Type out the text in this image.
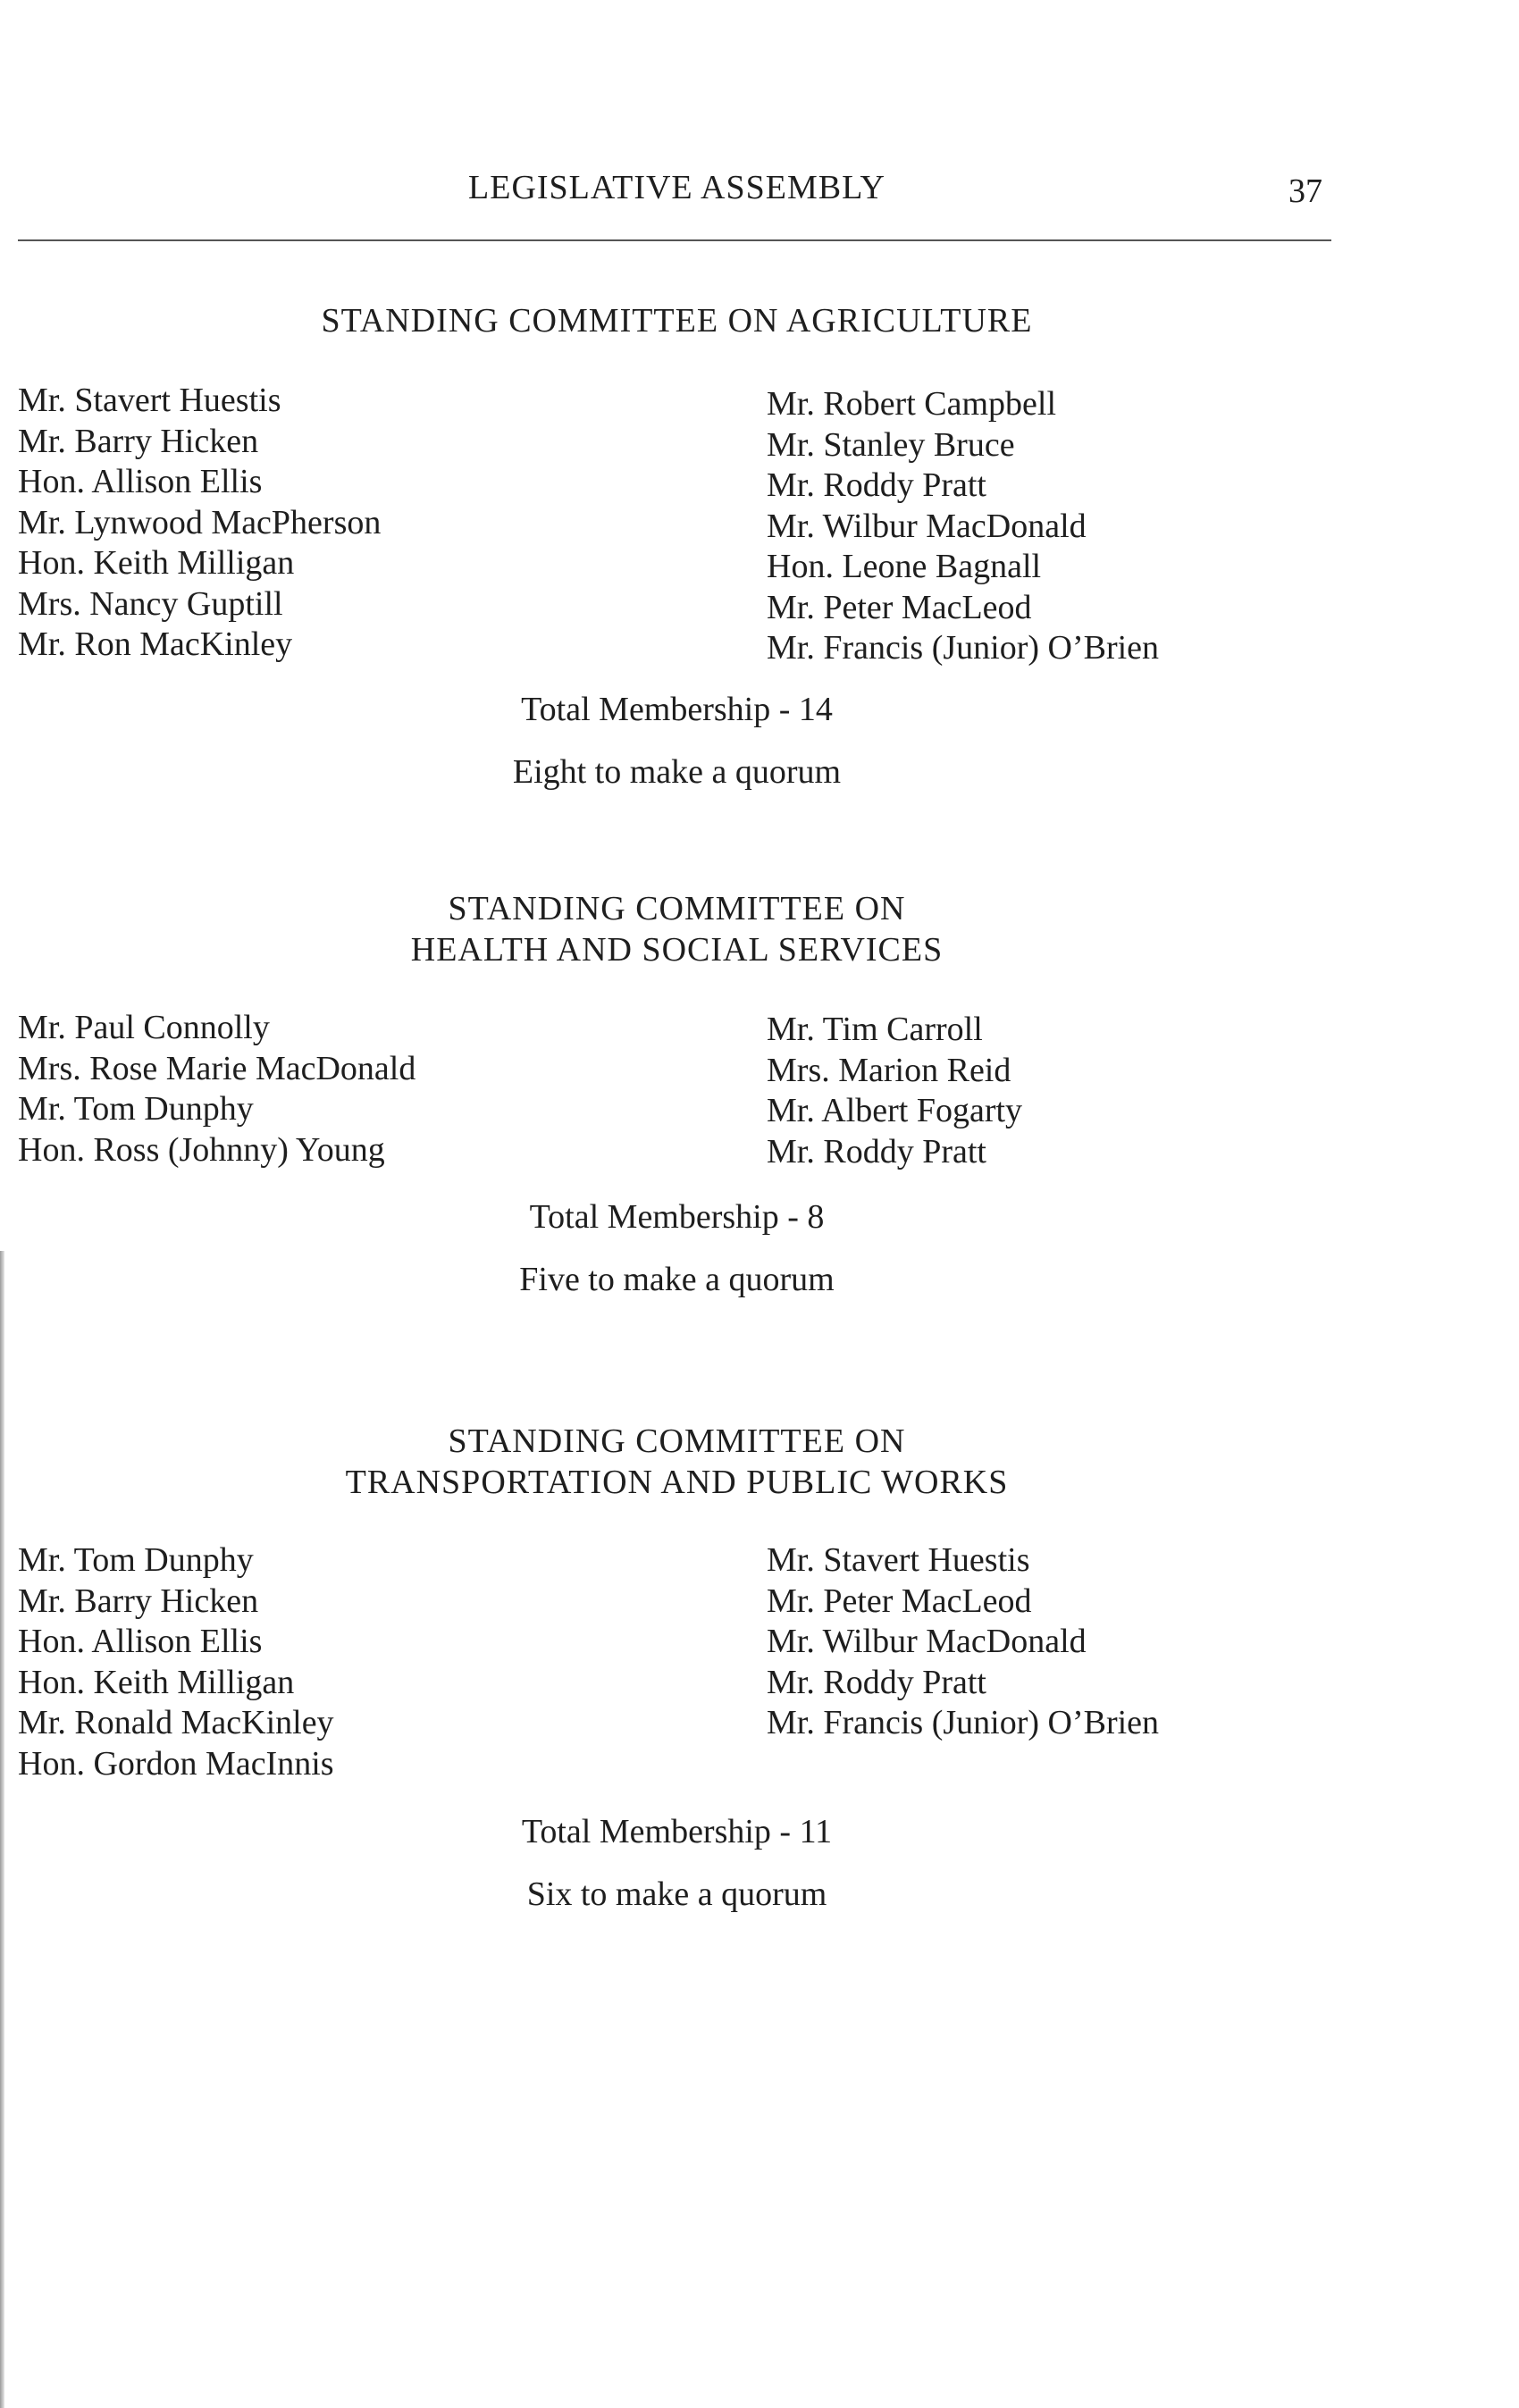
LEGISLATIVE ASSEMBLY	37
STANDING COMMITTEE ON AGRICULTURE
Mr. Stavert Huestis
Mr. Barry Hicken
Hon. Allison Ellis
Mr. Lynwood MacPherson
Hon. Keith Milligan
Mrs. Nancy Guptill
Mr. Ron MacKinley
Mr. Robert Campbell
Mr. Stanley Bruce
Mr. Roddy Pratt
Mr. Wilbur MacDonald
Hon. Leone Bagnall
Mr. Peter MacLeod
Mr. Francis (Junior) O’Brien
Total Membership - 14
Eight to make a quorum
STANDING COMMITTEE ON
HEALTH AND SOCIAL SERVICES
Mr. Paul Connolly
Mrs. Rose Marie MacDonald
Mr. Tom Dunphy
Hon. Ross (Johnny) Young
Mr. Tim Carroll
Mrs. Marion Reid
Mr. Albert Fogarty
Mr. Roddy Pratt
Total Membership - 8
Five to make a quorum
STANDING COMMITTEE ON
TRANSPORTATION AND PUBLIC WORKS
Mr. Tom Dunphy
Mr. Barry Hicken
Hon. Allison Ellis
Hon. Keith Milligan
Mr. Ronald MacKinley
Hon. Gordon MacInnis
Mr. Stavert Huestis
Mr. Peter MacLeod
Mr. Wilbur MacDonald
Mr. Roddy Pratt
Mr. Francis (Junior) O’Brien
Total Membership - 11
Six to make a quorum
